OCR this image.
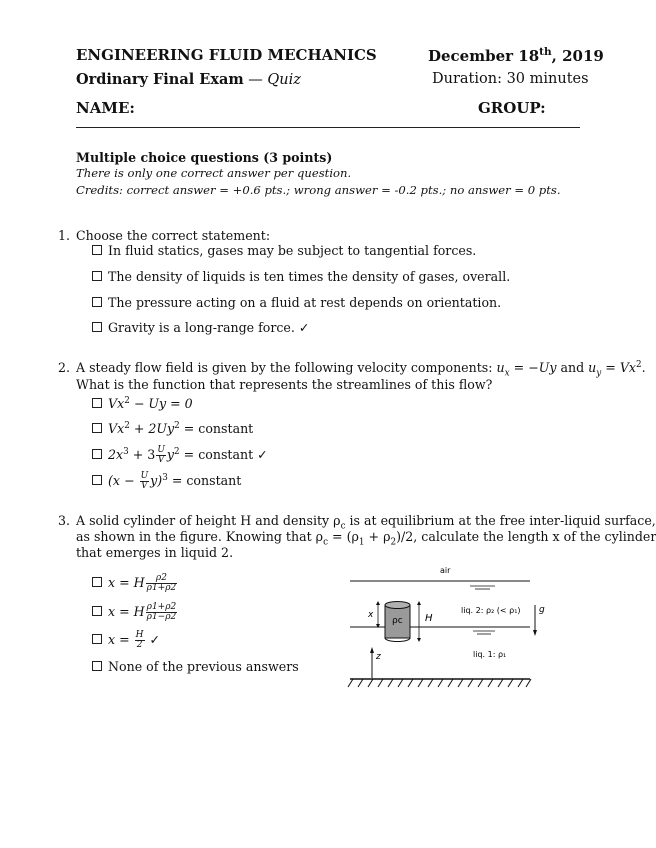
ENGINEERING FLUID MECHANICS	December 18th, 2019
Ordinary Final Exam — Quiz	Duration: 30 minutes
NAME:	GROUP:
Multiple choice questions (3 points)
There is only one correct answer per question.
Credits: correct answer = +0.6 pts.; wrong answer = -0.2 pts.; no answer = 0 pts.
1. Choose the correct statement:
In fluid statics, gases may be subject to tangential forces.
The density of liquids is ten times the density of gases, overall.
The pressure acting on a fluid at rest depends on orientation.
Gravity is a long-range force. ✓
2. A steady flow field is given by the following velocity components: $u_x = -Uy$ and $u_y = Vx^2$.
What is the function that represents the streamlines of this flow?
$Vx^2 - Uy = 0$
$Vx^2 + 2Uy^2$ = constant
$2x^3 + 3 \frac{U}{V} y^2$ = constant ✓
$(x - \frac{U}{V} y)^3$ = constant
3. A solid cylinder of height H and density $\rho_c$ is at equilibrium at the free inter-liquid surface,
as shown in the figure. Knowing that $\rho_c = (\rho_1 + \rho_2)/2$, calculate the length x of the cylinder
that emerges in liquid 2.
x = H $\frac{\rho 2}{\rho 1+\rho 2}$
x = H $\frac{\rho 1+\rho 2}{\rho 1-\rho 2}$
$x = \frac{H}{2}$ ✓
None of the previous answers
air
ρc
x	H
liq. 2: ρ₂ (< ρ₁)
liq. 1: ρ₁
g
z
